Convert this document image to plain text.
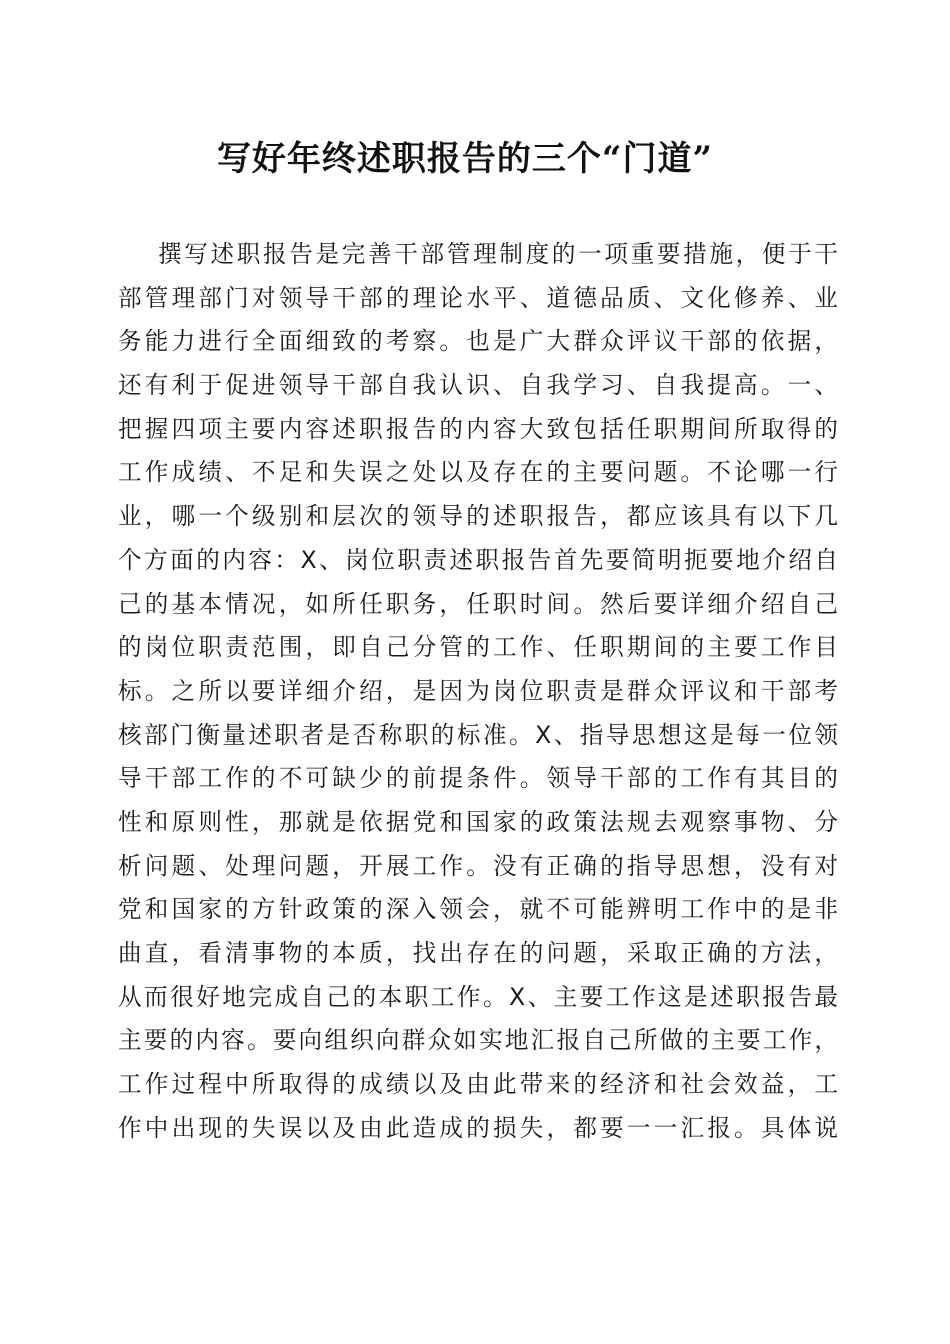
写好年终述职报告的三个“门道”
撰写述职报告是完善干部管理制度的一项重要措施，便于干
部管理部门对领导干部的理论水平、道德品质、文化修养、业
务能力进行全面细致的考察。也是广大群众评议干部的依据，
还有利于促进领导干部自我认识、自我学习、自我提高。一、
把握四项主要内容述职报告的内容大致包括任职期间所取得的
工作成绩、不足和失误之处以及存在的主要问题。不论哪一行
业，哪一个级别和层次的领导的述职报告，都应该具有以下几
个方面的内容：X、岗位职责述职报告首先要简明扼要地介绍自
己的基本情况，如所任职务，任职时间。然后要详细介绍自己
的岗位职责范围，即自己分管的工作、任职期间的主要工作目
标。之所以要详细介绍，是因为岗位职责是群众评议和干部考
核部门衡量述职者是否称职的标准。X、指导思想这是每一位领
导干部工作的不可缺少的前提条件。领导干部的工作有其目的
性和原则性，那就是依据党和国家的政策法规去观察事物、分
析问题、处理问题，开展工作。没有正确的指导思想，没有对
党和国家的方针政策的深入领会，就不可能辨明工作中的是非
曲直，看清事物的本质，找出存在的问题，采取正确的方法，
从而很好地完成自己的本职工作。X、主要工作这是述职报告最
主要的内容。要向组织向群众如实地汇报自己所做的主要工作，
工作过程中所取得的成绩以及由此带来的经济和社会效益，工
作中出现的失误以及由此造成的损失，都要一一汇报。具体说
